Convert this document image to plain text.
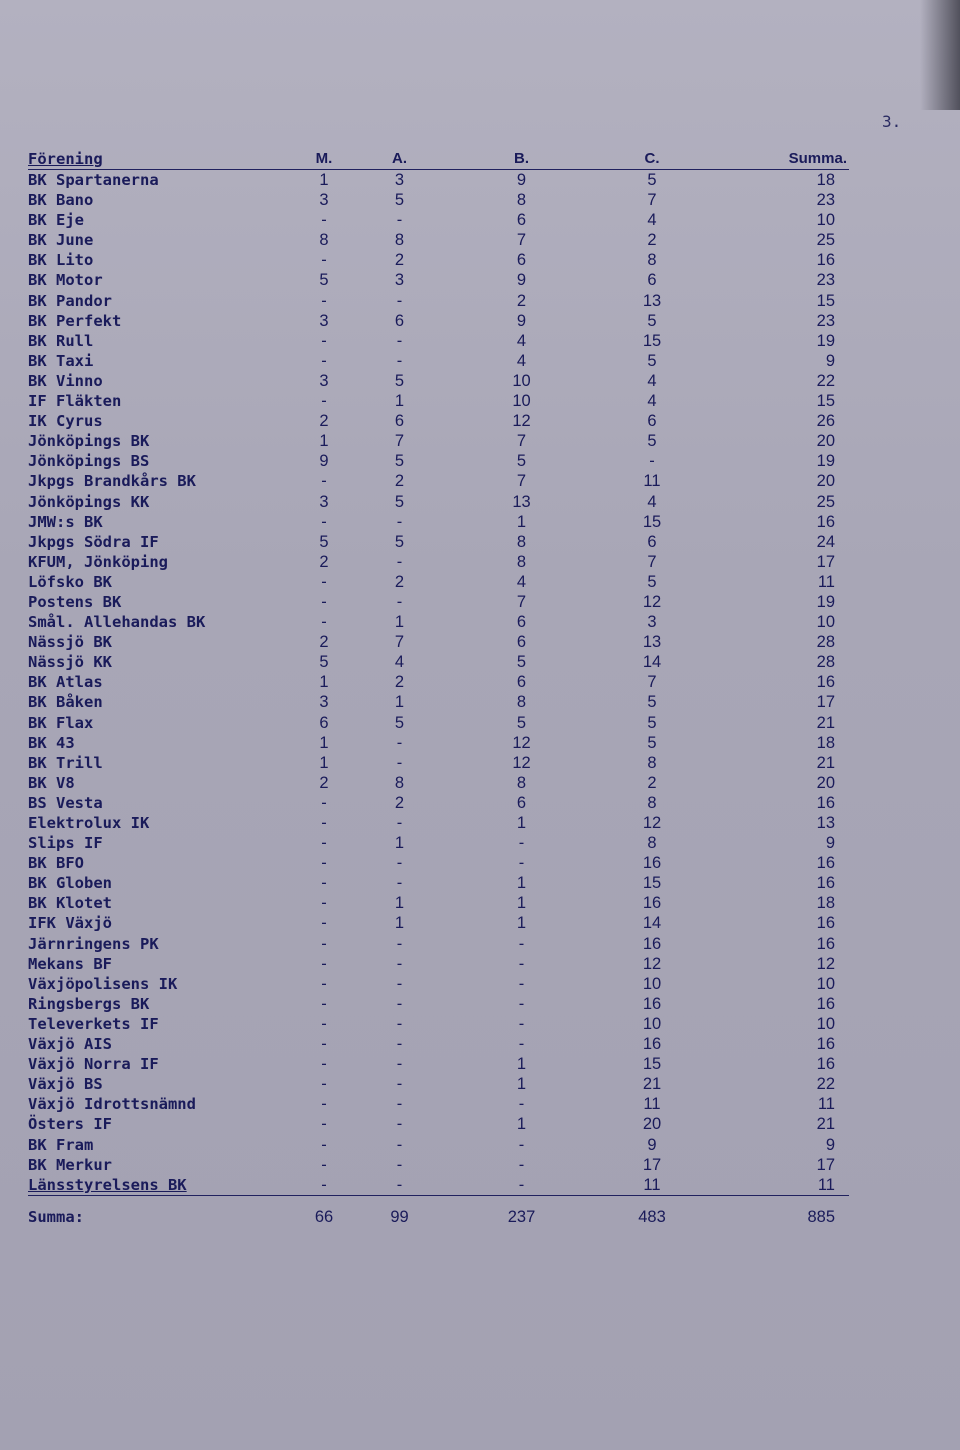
3.
Förening	M.	A.	B.	C.	Summa.
BK Spartanerna	1	3	9	5	18
BK Bano	3	5	8	7	23
BK Eje	-	-	6	4	10
BK June	8	8	7	2	25
BK Lito	-	2	6	8	16
BK Motor	5	3	9	6	23
BK Pandor	-	-	2	13	15
BK Perfekt	3	6	9	5	23
BK Rull	-	-	4	15	19
BK Taxi	-	-	4	5	9
BK Vinno	3	5	10	4	22
IF Fläkten	-	1	10	4	15
IK Cyrus	2	6	12	6	26
Jönköpings BK	1	7	7	5	20
Jönköpings BS	9	5	5	-	19
Jkpgs Brandkårs BK	-	2	7	11	20
Jönköpings KK	3	5	13	4	25
JMW:s BK	-	-	1	15	16
Jkpgs Södra IF	5	5	8	6	24
KFUM, Jönköping	2	-	8	7	17
Löfsko BK	-	2	4	5	11
Postens BK	-	-	7	12	19
Smål. Allehandas BK	-	1	6	3	10
Nässjö BK	2	7	6	13	28
Nässjö KK	5	4	5	14	28
BK Atlas	1	2	6	7	16
BK Båken	3	1	8	5	17
BK Flax	6	5	5	5	21
BK 43	1	-	12	5	18
BK Trill	1	-	12	8	21
BK V8	2	8	8	2	20
BS Vesta	-	2	6	8	16
Elektrolux IK	-	-	1	12	13
Slips IF	-	1	-	8	9
BK BFO	-	-	-	16	16
BK Globen	-	-	1	15	16
BK Klotet	-	1	1	16	18
IFK Växjö	-	1	1	14	16
Järnringens PK	-	-	-	16	16
Mekans BF	-	-	-	12	12
Växjöpolisens IK	-	-	-	10	10
Ringsbergs BK	-	-	-	16	16
Televerkets IF	-	-	-	10	10
Växjö AIS	-	-	-	16	16
Växjö Norra IF	-	-	1	15	16
Växjö BS	-	-	1	21	22
Växjö Idrottsnämnd	-	-	-	11	11
Östers IF	-	-	1	20	21
BK Fram	-	-	-	9	9
BK Merkur	-	-	-	17	17
Länsstyrelsens BK	-	-	-	11	11
Summa:	66	99	237	483	885
